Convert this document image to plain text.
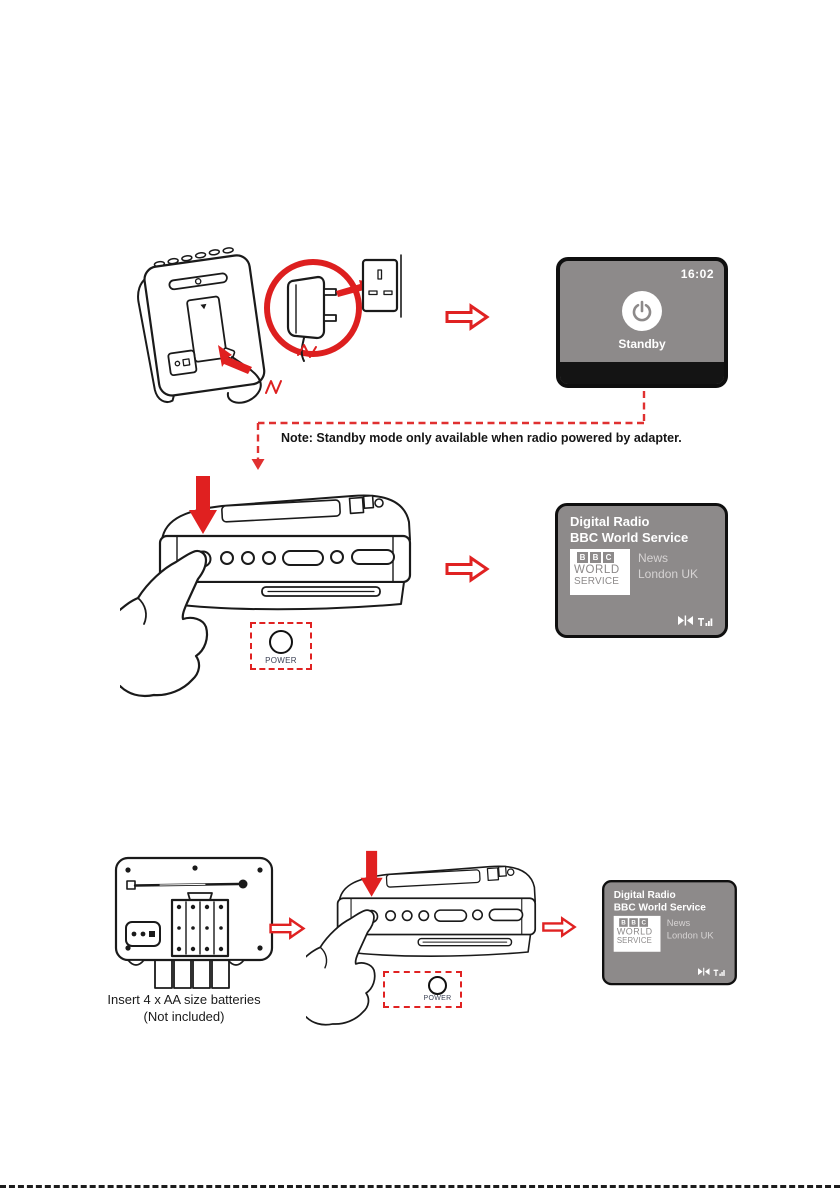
16:02
Standby
Note: Standby mode only available when radio powered by adapter.
POWER
Digital Radio
BBC World Service
B B C
WORLD
SERVICE
News
London UK
Insert 4 x AA size batteries
(Not included)
POWER
Digital Radio
BBC World Service
B B C
WORLD
SERVICE
News
London UK
